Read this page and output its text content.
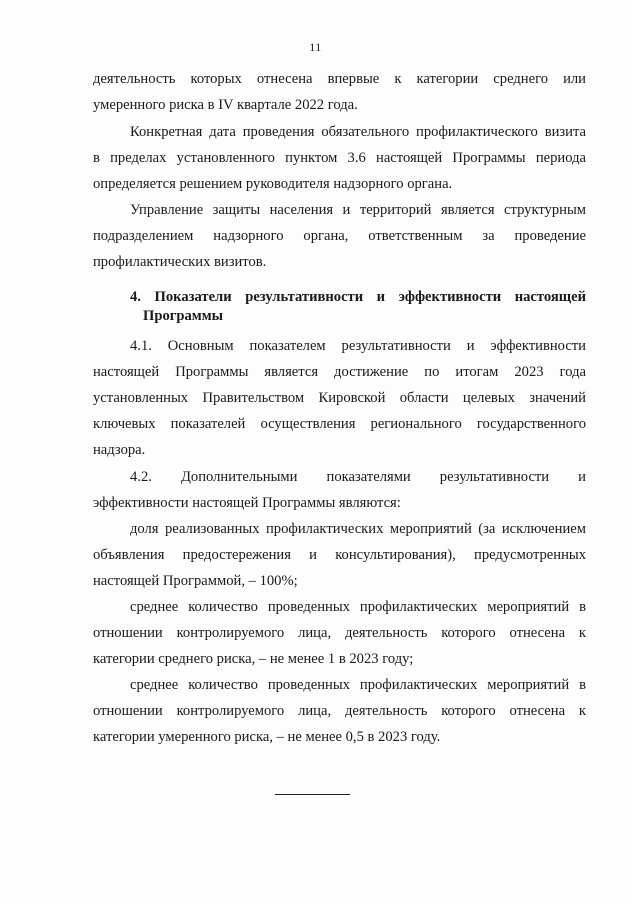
11
деятельность которых отнесена впервые к категории среднего или
умеренного риска в IV квартале 2022 года.
Конкретная дата проведения обязательного профилактического визита
в пределах установленного пунктом 3.6 настоящей Программы периода
определяется решением руководителя надзорного органа.
Управление защиты населения и территорий является структурным
подразделением надзорного органа, ответственным за проведение
профилактических визитов.
4. Показатели результативности и эффективности настоящей
Программы
4.1. Основным показателем результативности и эффективности
настоящей Программы является достижение по итогам 2023 года
установленных Правительством Кировской области целевых значений
ключевых показателей осуществления регионального государственного
надзора.
4.2. Дополнительными показателями результативности и
эффективности настоящей Программы являются:
доля реализованных профилактических мероприятий (за исключением
объявления предостережения и консультирования), предусмотренных
настоящей Программой, – 100%;
среднее количество проведенных профилактических мероприятий в
отношении контролируемого лица, деятельность которого отнесена к
категории среднего риска, – не менее 1 в 2023 году;
среднее количество проведенных профилактических мероприятий в
отношении контролируемого лица, деятельность которого отнесена к
категории умеренного риска, – не менее 0,5 в 2023 году.
